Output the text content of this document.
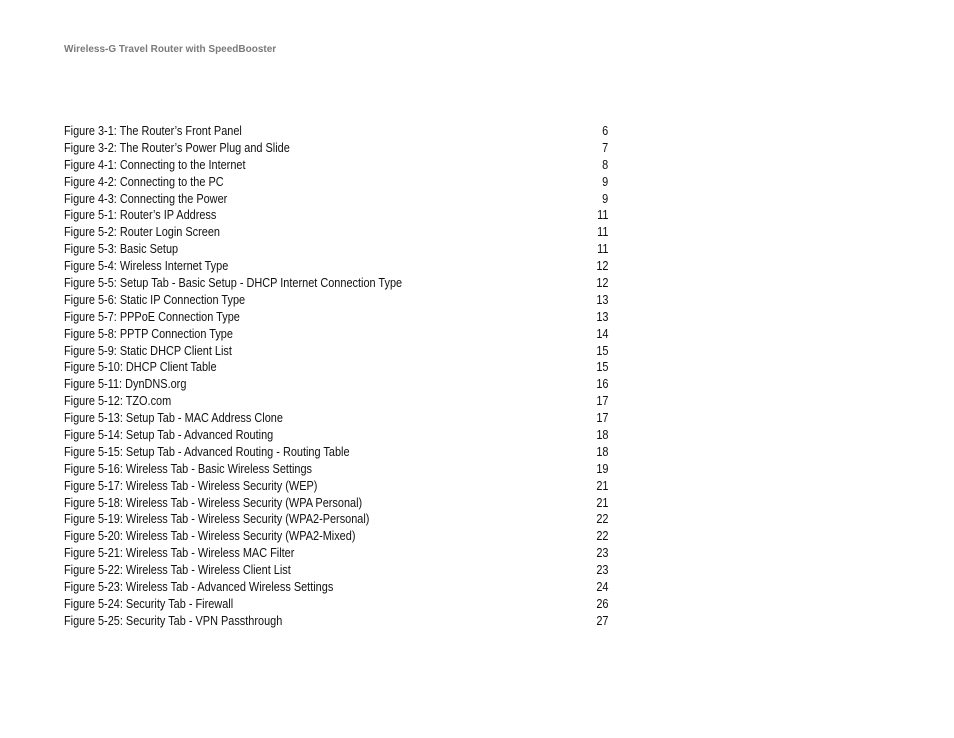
Wireless-G Travel Router with SpeedBooster
Figure 3-1: The Router’s Front Panel	6
Figure 3-2: The Router’s Power Plug and Slide	7
Figure 4-1: Connecting to the Internet	8
Figure 4-2: Connecting to the PC	9
Figure 4-3: Connecting the Power	9
Figure 5-1: Router’s IP Address	11
Figure 5-2: Router Login Screen	11
Figure 5-3: Basic Setup	11
Figure 5-4: Wireless Internet Type	12
Figure 5-5: Setup Tab - Basic Setup - DHCP Internet Connection Type	12
Figure 5-6: Static IP Connection Type	13
Figure 5-7: PPPoE Connection Type	13
Figure 5-8: PPTP Connection Type	14
Figure 5-9: Static DHCP Client List	15
Figure 5-10: DHCP Client Table	15
Figure 5-11: DynDNS.org	16
Figure 5-12: TZO.com	17
Figure 5-13: Setup Tab - MAC Address Clone	17
Figure 5-14: Setup Tab - Advanced Routing	18
Figure 5-15: Setup Tab - Advanced Routing - Routing Table	18
Figure 5-16: Wireless Tab - Basic Wireless Settings	19
Figure 5-17: Wireless Tab - Wireless Security (WEP)	21
Figure 5-18: Wireless Tab - Wireless Security (WPA Personal)	21
Figure 5-19: Wireless Tab - Wireless Security (WPA2-Personal)	22
Figure 5-20: Wireless Tab - Wireless Security (WPA2-Mixed)	22
Figure 5-21: Wireless Tab - Wireless MAC Filter	23
Figure 5-22: Wireless Tab - Wireless Client List	23
Figure 5-23: Wireless Tab - Advanced Wireless Settings	24
Figure 5-24: Security Tab - Firewall	26
Figure 5-25: Security Tab - VPN Passthrough	27
